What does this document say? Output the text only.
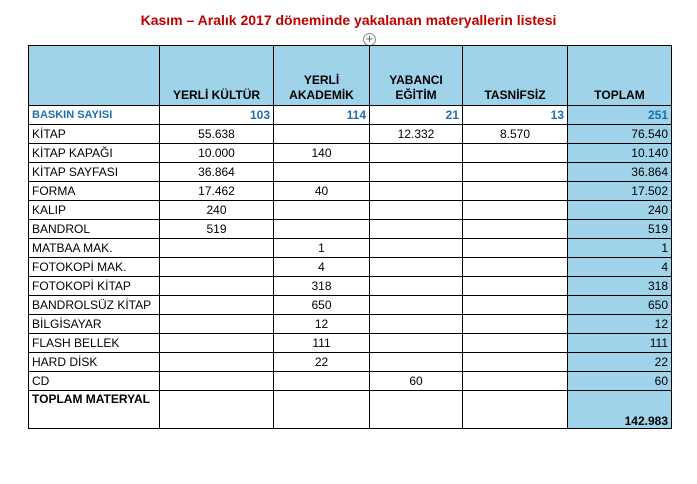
Kasım – Aralık 2017 döneminde yakalanan materyallerin listesi
+
	YERLİ KÜLTÜR	YERLİ AKADEMİK	YABANCI EĞİTİM	TASNİFSİZ	TOPLAM
BASKIN SAYISI	103	114	21	13	251
KİTAP	55.638		12.332	8.570	76.540
KİTAP KAPAĞI	10.000	140			10.140
KİTAP SAYFASI	36.864				36.864
FORMA	17.462	40			17.502
KALIP	240				240
BANDROL	519				519
MATBAA MAK.		1			1
FOTOKOPİ MAK.		4			4
FOTOKOPİ KİTAP		318			318
BANDROLSÜZ KİTAP		650			650
BİLGİSAYAR		12			12
FLASH BELLEK		111			111
HARD DİSK		22			22
CD			60		60
TOPLAM MATERYAL					142.983
